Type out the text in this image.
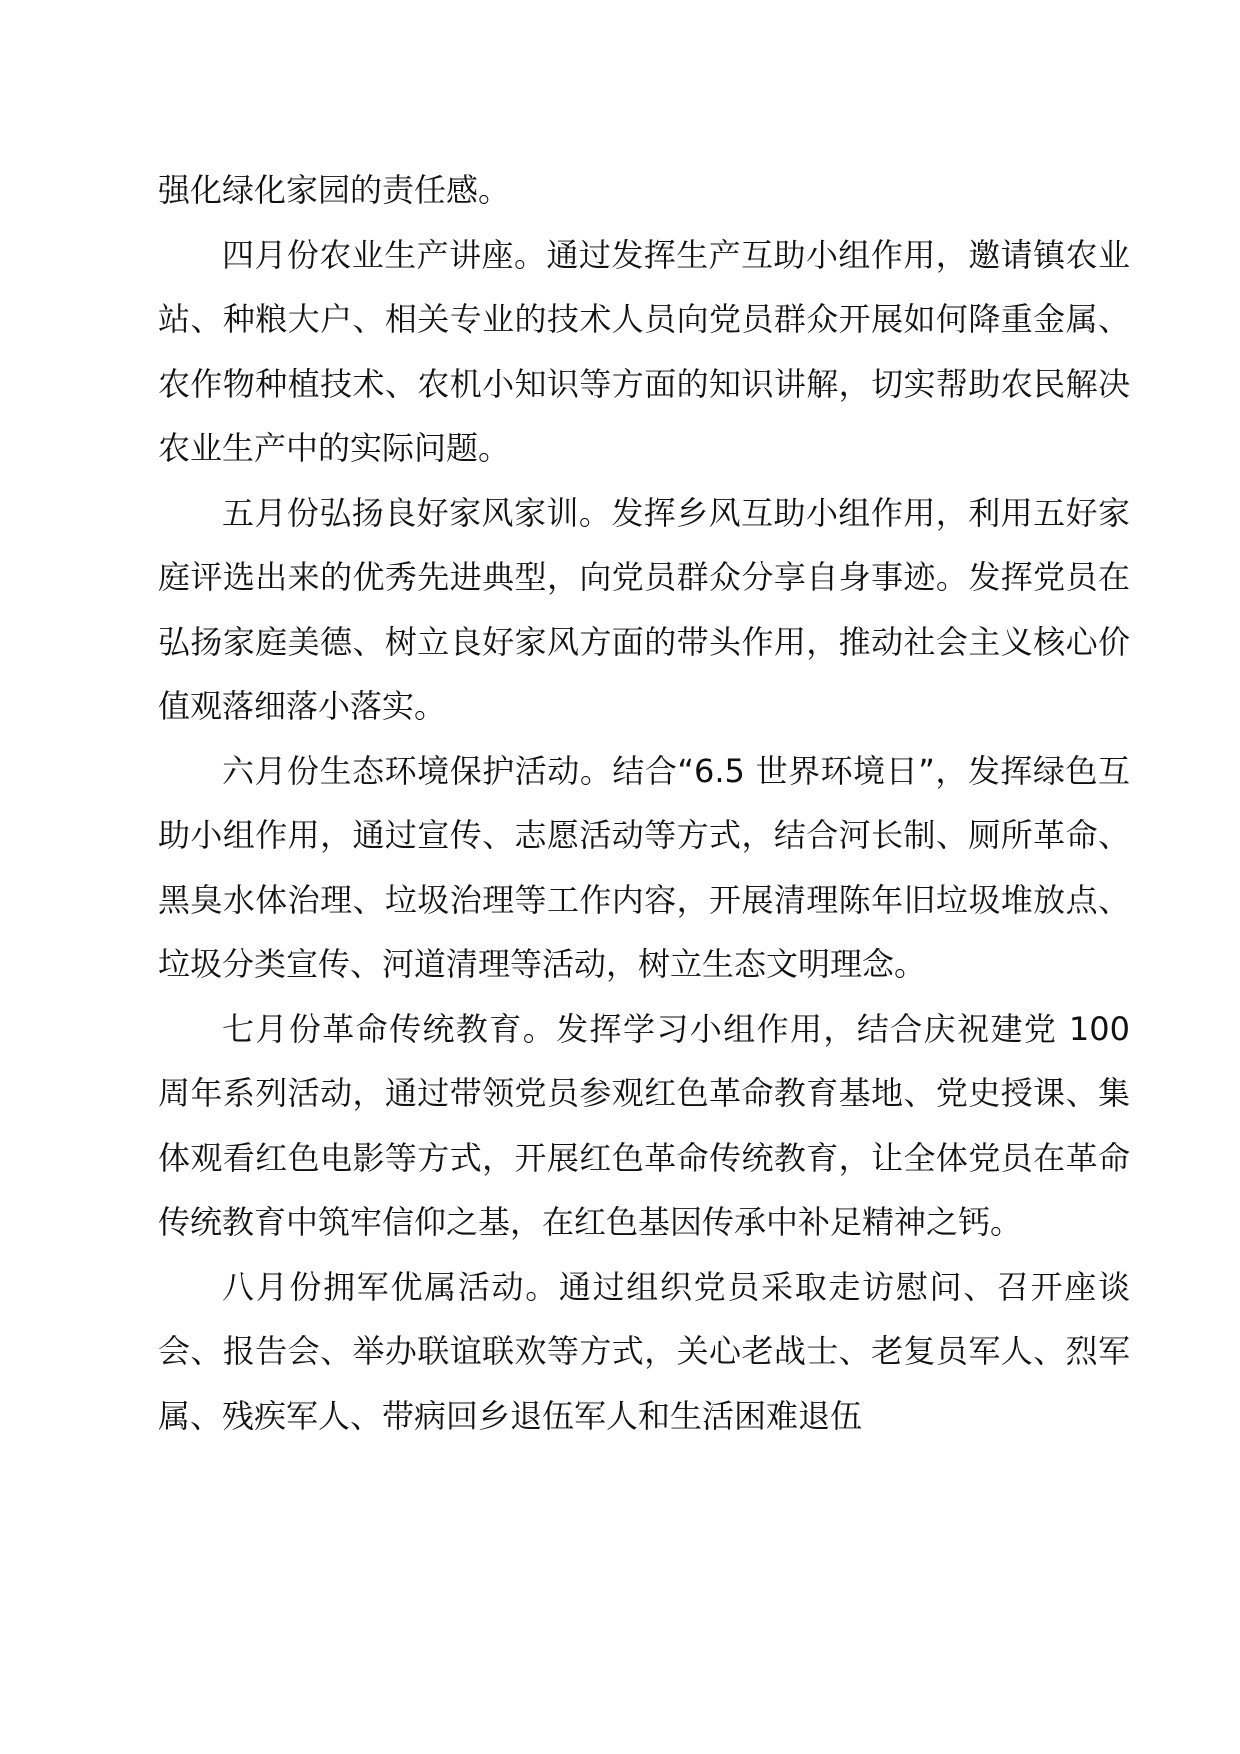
强化绿化家园的责任感。

四月份农业生产讲座。通过发挥生产互助小组作用，邀请镇农业站、种粮大户、相关专业的技术人员向党员群众开展如何降重金属、农作物种植技术、农机小知识等方面的知识讲解，切实帮助农民解决农业生产中的实际问题。

五月份弘扬良好家风家训。发挥乡风互助小组作用，利用五好家庭评选出来的优秀先进典型，向党员群众分享自身事迹。发挥党员在弘扬家庭美德、树立良好家风方面的带头作用，推动社会主义核心价值观落细落小落实。

六月份生态环境保护活动。结合“6.5 世界环境日”，发挥绿色互助小组作用，通过宣传、志愿活动等方式，结合河长制、厕所革命、黑臭水体治理、垃圾治理等工作内容，开展清理陈年旧垃圾堆放点、垃圾分类宣传、河道清理等活动，树立生态文明理念。

七月份革命传统教育。发挥学习小组作用，结合庆祝建党 100 周年系列活动，通过带领党员参观红色革命教育基地、党史授课、集体观看红色电影等方式，开展红色革命传统教育，让全体党员在革命传统教育中筑牢信仰之基，在红色基因传承中补足精神之钙。

八月份拥军优属活动。通过组织党员采取走访慰问、召开座谈会、报告会、举办联谊联欢等方式，关心老战士、老复员军人、烈军属、残疾军人、带病回乡退伍军人和生活困难退伍
